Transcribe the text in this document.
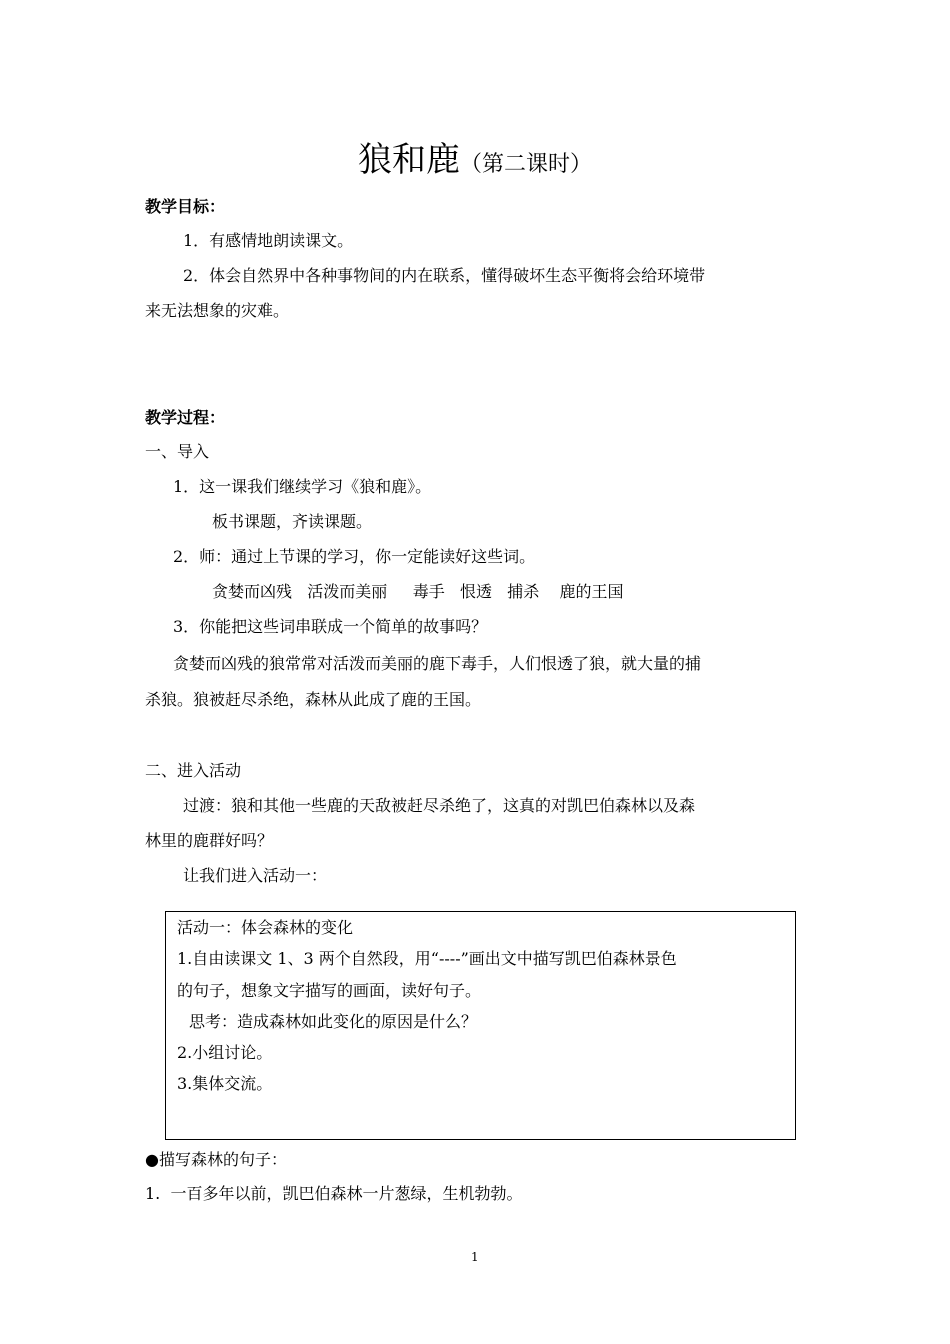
狼和鹿（第二课时）
教学目标：
1．有感情地朗读课文。
2．体会自然界中各种事物间的内在联系，懂得破坏生态平衡将会给环境带
来无法想象的灾难。
教学过程：
一、导入
1．这一课我们继续学习《狼和鹿》。
板书课题，齐读课题。
2．师：通过上节课的学习，你一定能读好这些词。
贪婪而凶残   活泼而美丽     毒手   恨透   捕杀    鹿的王国
3．你能把这些词串联成一个简单的故事吗？
贪婪而凶残的狼常常对活泼而美丽的鹿下毒手，人们恨透了狼，就大量的捕
杀狼。狼被赶尽杀绝，森林从此成了鹿的王国。
二、进入活动
过渡：狼和其他一些鹿的天敌被赶尽杀绝了，这真的对凯巴伯森林以及森
林里的鹿群好吗？
让我们进入活动一：
活动一：体会森林的变化
1.自由读课文 1、3 两个自然段，用“----”画出文中描写凯巴伯森林景色
的句子，想象文字描写的画面，读好句子。
思考：造成森林如此变化的原因是什么？
2.小组讨论。
3.集体交流。
●描写森林的句子：
1.  一百多年以前，凯巴伯森林一片葱绿，生机勃勃。
1
